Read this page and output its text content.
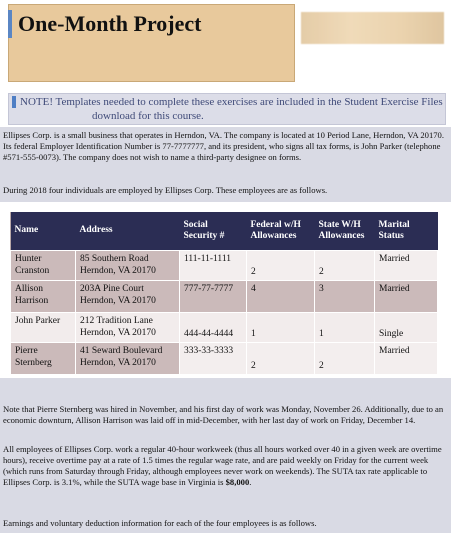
One-Month Project
NOTE! Templates needed to complete these exercises are included in the Student Exercise Files
download for this course.
Ellipses Corp. is a small business that operates in Herndon, VA. The company is located at 10 Period Lane, Herndon, VA 20170. Its federal Employer Identification Number is 77-7777777, and its president, who signs all tax forms, is John Parker (telephone #571-555-0073). The company does not wish to name a third-party designee on forms.
During 2018 four individuals are employed by Ellipses Corp. These employees are as follows.
Name	Address	Social Security #	Federal w/H Allowances	State W/H Allowances	Marital Status
Hunter Cranston	85 Southern Road
Herndon, VA 20170	111-11-1111	2	2	Married
Allison Harrison	203A Pine Court
Herndon, VA 20170	777-77-7777	4	3	Married
John Parker	212 Tradition Lane
Herndon, VA 20170	444-44-4444	1	1	Single
Pierre Sternberg	41 Seward Boulevard
Herndon, VA 20170	333-33-3333	2	2	Married
Note that Pierre Sternberg was hired in November, and his first day of work was Monday, November 26. Additionally, due to an economic downturn, Allison Harrison was laid off in mid-December, with her last day of work on Friday, December 14.
All employees of Ellipses Corp. work a regular 40-hour workweek (thus all hours worked over 40 in a given week are overtime hours), receive overtime pay at a rate of 1.5 times the regular wage rate, and are paid weekly on Friday for the current week (which runs from Saturday through Friday, although employees never work on weekends). The SUTA tax rate applicable to Ellipses Corp. is 3.1%, while the SUTA wage base in Virginia is $8,000.
Earnings and voluntary deduction information for each of the four employees is as follows.
